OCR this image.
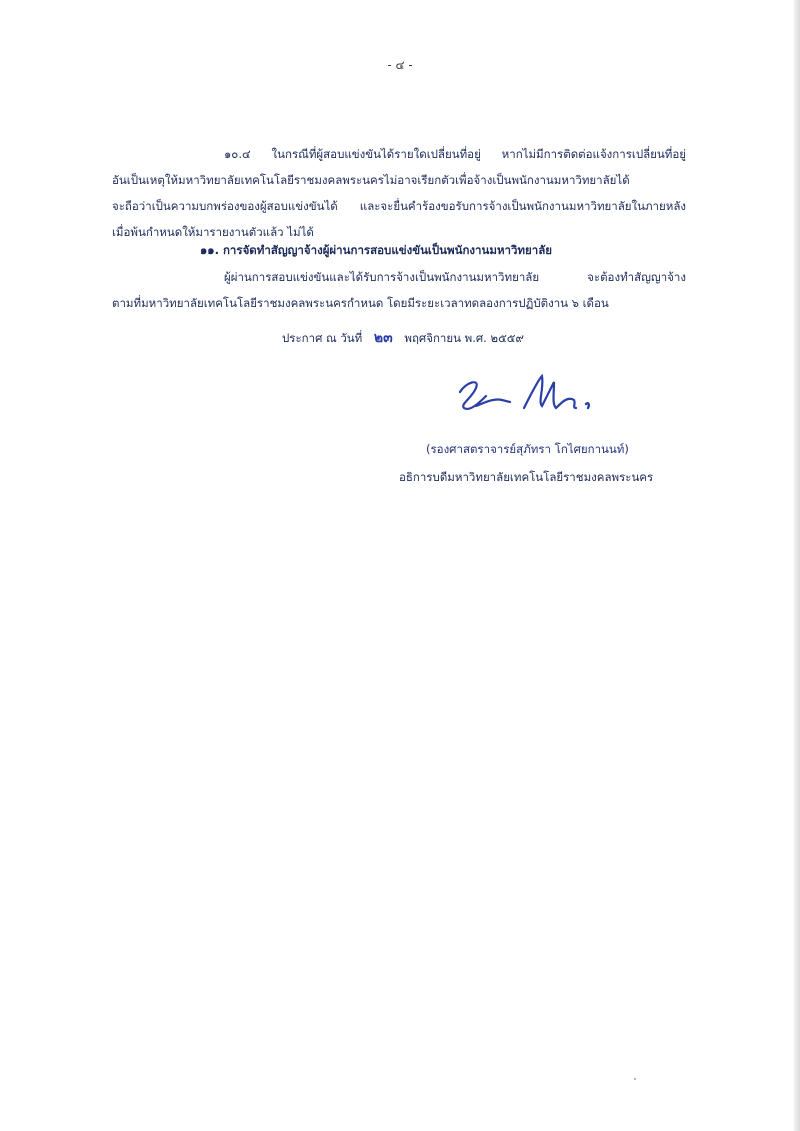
- ๔ -
๑๐.๔ ในกรณีที่ผู้สอบแข่งขันได้รายใดเปลี่ยนที่อยู่ หากไม่มีการติดต่อแจ้งการเปลี่ยนที่อยู่
อันเป็นเหตุให้มหาวิทยาลัยเทคโนโลยีราชมงคลพระนครไม่อาจเรียกตัวเพื่อจ้างเป็นพนักงานมหาวิทยาลัยได้
จะถือว่าเป็นความบกพร่องของผู้สอบแข่งขันได้ และจะยื่นคำร้องขอรับการจ้างเป็นพนักงานมหาวิทยาลัยในภายหลัง
เมื่อพ้นกำหนดให้มารายงานตัวแล้ว ไม่ได้
๑๑. การจัดทำสัญญาจ้างผู้ผ่านการสอบแข่งขันเป็นพนักงานมหาวิทยาลัย
ผู้ผ่านการสอบแข่งขันและได้รับการจ้างเป็นพนักงานมหาวิทยาลัย จะต้องทำสัญญาจ้าง
ตามที่มหาวิทยาลัยเทคโนโลยีราชมงคลพระนครกำหนด โดยมีระยะเวลาทดลองการปฏิบัติงาน ๖ เดือน
ประกาศ ณ วันที่ ๒๓ พฤศจิกายน พ.ศ. ๒๕๕๙
(รองศาสตราจารย์สุภัทรา โกไศยกานนท์)
อธิการบดีมหาวิทยาลัยเทคโนโลยีราชมงคลพระนคร
